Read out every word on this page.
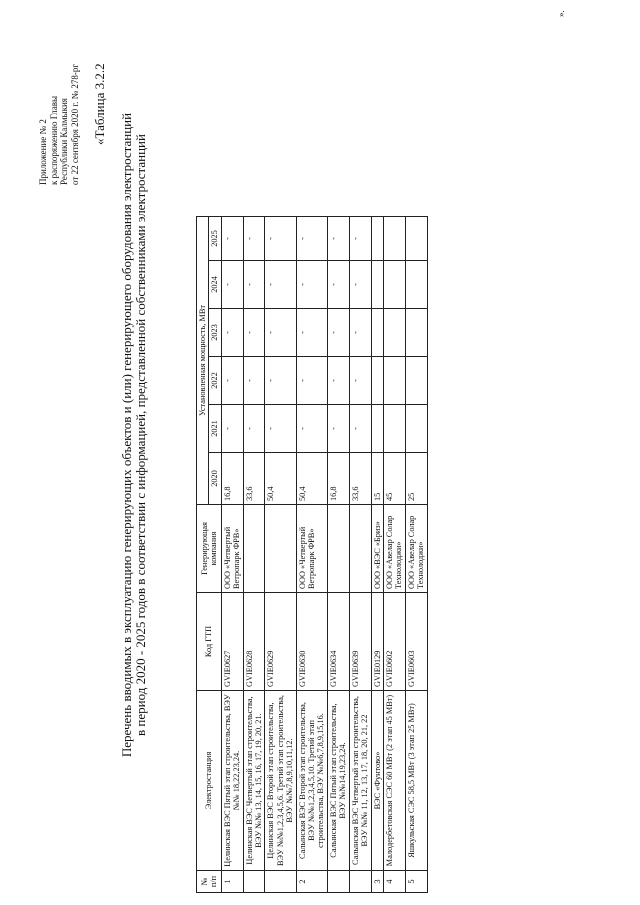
Приложение № 2
к распоряжению Главы
Республики Калмыкия
от 22 сентября 2020 г. № 278-рг «Таблица 3.2.2
Перечень вводимых в эксплуатацию генерирующих объектов и (или) генерирующего оборудования электростанций в период 2020 - 2025 годов в соответствии с информацией, представленной собственниками электростанций
№ п/п	Электростанция	Код ГТП	Генерирующая компания	Установленная мощность, МВт					
				2020	2021	2022	2023	2024	2025
1	Целинская ВЭС Пятый этап строительства, ВЭУ №№ 18,22,23,24.	GVIE0627	ООО «Четвертый Ветропарк ФРВ»	16,8	-	-	-	-	-
	Целинская ВЭС Четвертый этап строительства, ВЭУ №№ 13, 14, 15, 16, 17, 19, 20, 21.	GVIE0628		33,6	-	-	-	-	-
	Целинская ВЭС Второй этап строительства, ВЭУ №№1,2,3,4,5,6. Третий этап строительства, ВЭУ №№7,8,9,10,11,12.	GVIE0629		50,4	-	-	-	-	-
2	Салынская ВЭС Второй этап строительства, ВЭУ №№1,2,3,4,5,10. Третий этап строительства, ВЭУ №№6,7,8,9,15,16.	GVIE0630	ООО «Четвертый Ветропарк ФРВ»	50,4	-	-	-	-	-
	Салынская ВЭС Пятый этап строительства, ВЭУ №№14,19,23,24.	GVIE0634		16,8	-	-	-	-	-
	Салынская ВЭС Четвертый этап строительства, ВЭУ №№ 11, 12, 13, 17, 18, 20, 21, 22	GVIE0639		33,6	-	-	-	-	-
3	ВЭС «Фунтово»	GVIE0129	ООО «ВЭС «Бриз»	15					
4	Малодербетовская СЭС 60 МВт (2 этап 45 МВт)	GVIE0602	ООО «Авелар Солар Технолоджи»	45					
5	Яшкульская СЭС 58,5 МВт (3 этап 25 МВт)	GVIE0603	ООО «Авелар Солар Технолоджи»	25					
».
